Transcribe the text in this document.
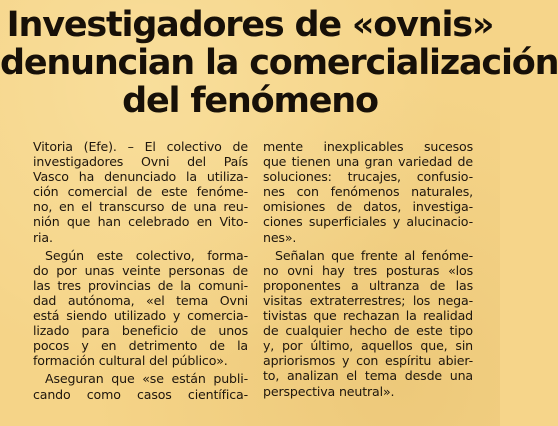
Investigadores de «ovnis»
denuncian la comercialización
del fenómeno

Vitoria (Efe). – El colectivo de
investigadores Ovni del País
Vasco ha denunciado la utiliza-
ción comercial de este fenóme-
no, en el transcurso de una reu-
nión que han celebrado en Vito-
ria.

Según este colectivo, forma-
do por unas veinte personas de
las tres provincias de la comuni-
dad autónoma, «el tema Ovni
está siendo utilizado y comercia-
lizado para beneficio de unos
pocos y en detrimento de la
formación cultural del público».

Aseguran que «se están publi-
cando como casos científica-

mente inexplicables sucesos
que tienen una gran variedad de
soluciones: trucajes, confusio-
nes con fenómenos naturales,
omisiones de datos, investiga-
ciones superficiales y alucinacio-
nes».

Señalan que frente al fenóme-
no ovni hay tres posturas «los
proponentes a ultranza de las
visitas extraterrestres; los nega-
tivistas que rechazan la realidad
de cualquier hecho de este tipo
y, por último, aquellos que, sin
apriorismos y con espíritu abier-
to, analizan el tema desde una
perspectiva neutral».
